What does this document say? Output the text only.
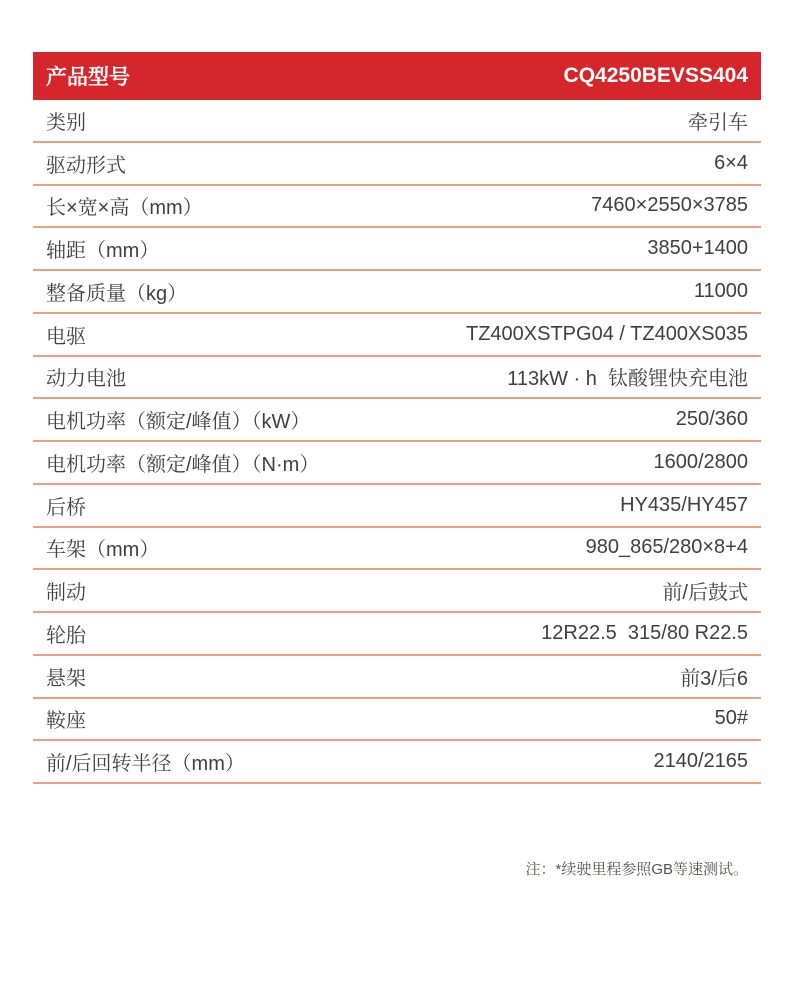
产品型号	CQ4250BEVSS404
类别	牵引车
驱动形式	6×4
长×宽×高（mm）	7460×2550×3785
轴距（mm）	3850+1400
整备质量（kg）	11000
电驱	TZ400XSTPG04 / TZ400XS035
动力电池	113kW · h  钛酸锂快充电池
电机功率（额定/峰值）（kW）	250/360
电机功率（额定/峰值）（N·m）	1600/2800
后桥	HY435/HY457
车架（mm）	980_865/280×8+4
制动	前/后鼓式
轮胎	12R22.5  315/80 R22.5
悬架	前3/后6
鞍座	50#
前/后回转半径（mm）	2140/2165
注：*续驶里程参照GB等速测试。
